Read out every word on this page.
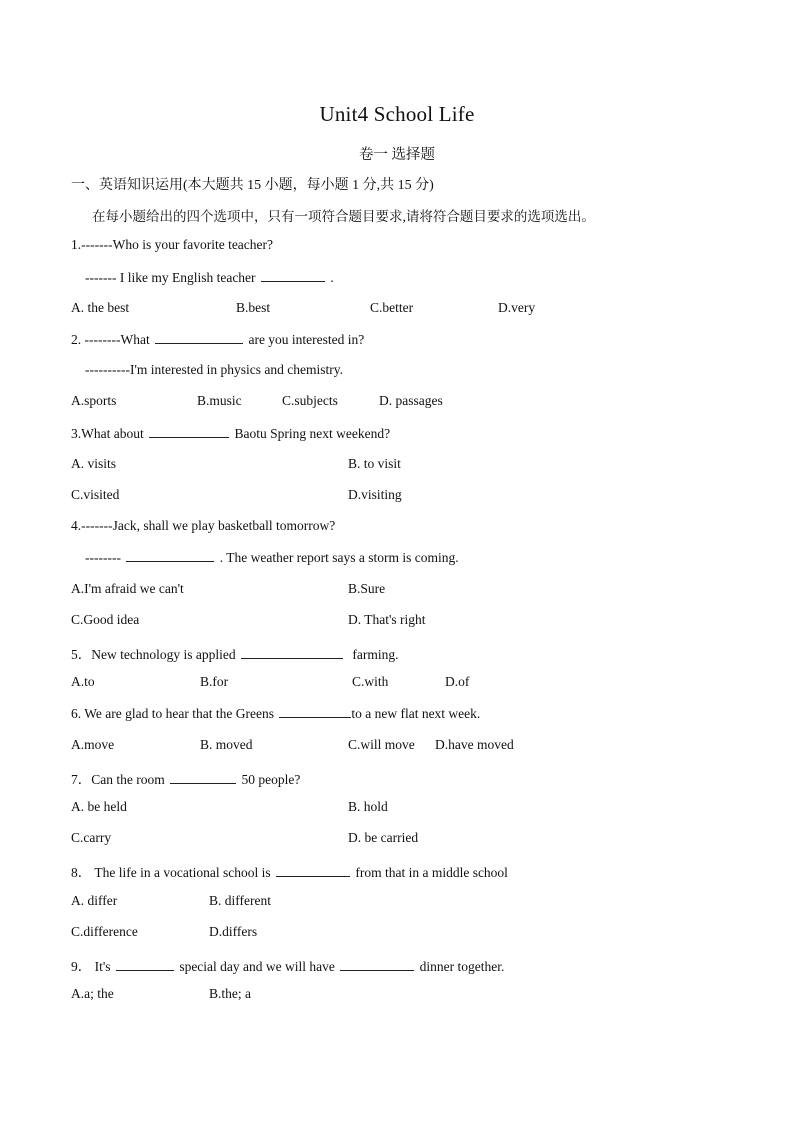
Unit4 School Life
卷一 选择题
一、英语知识运用(本大题共 15 小题，每小题 1 分,共 15 分)
在每小题给出的四个选项中，只有一项符合题目要求,请将符合题目要求的选项选出。
1.-------Who is your favorite teacher?
------- I like my English teacher	.
A. the best	B.best	C.better	D.very
2. --------What	are you interested in?
----------I'm interested in physics and chemistry.
A.sports	B.music	C.subjects	D. passages
3.What about	Baotu Spring next weekend?
A. visits	B. to visit
C.visited	D.visiting
4.-------Jack, shall we play basketball tomorrow?
--------	. The weather report says a storm is coming.
A.I'm afraid we can't	B.Sure
C.Good idea	D. That's right
5．New technology is applied	farming.
A.to	B.for	C.with	D.of
6. We are glad to hear that the Greens	to a new flat next week.
A.move	B. moved	C.will move D.have moved
7．Can the room	50 people?
A. be held	B. hold
C.carry	D. be carried
8． The life in a vocational school is	from that in a middle school
A. differ	B. different
C.difference	D.differs
9． It's	special day and we will have	dinner together.
A.a; the	B.the; a
